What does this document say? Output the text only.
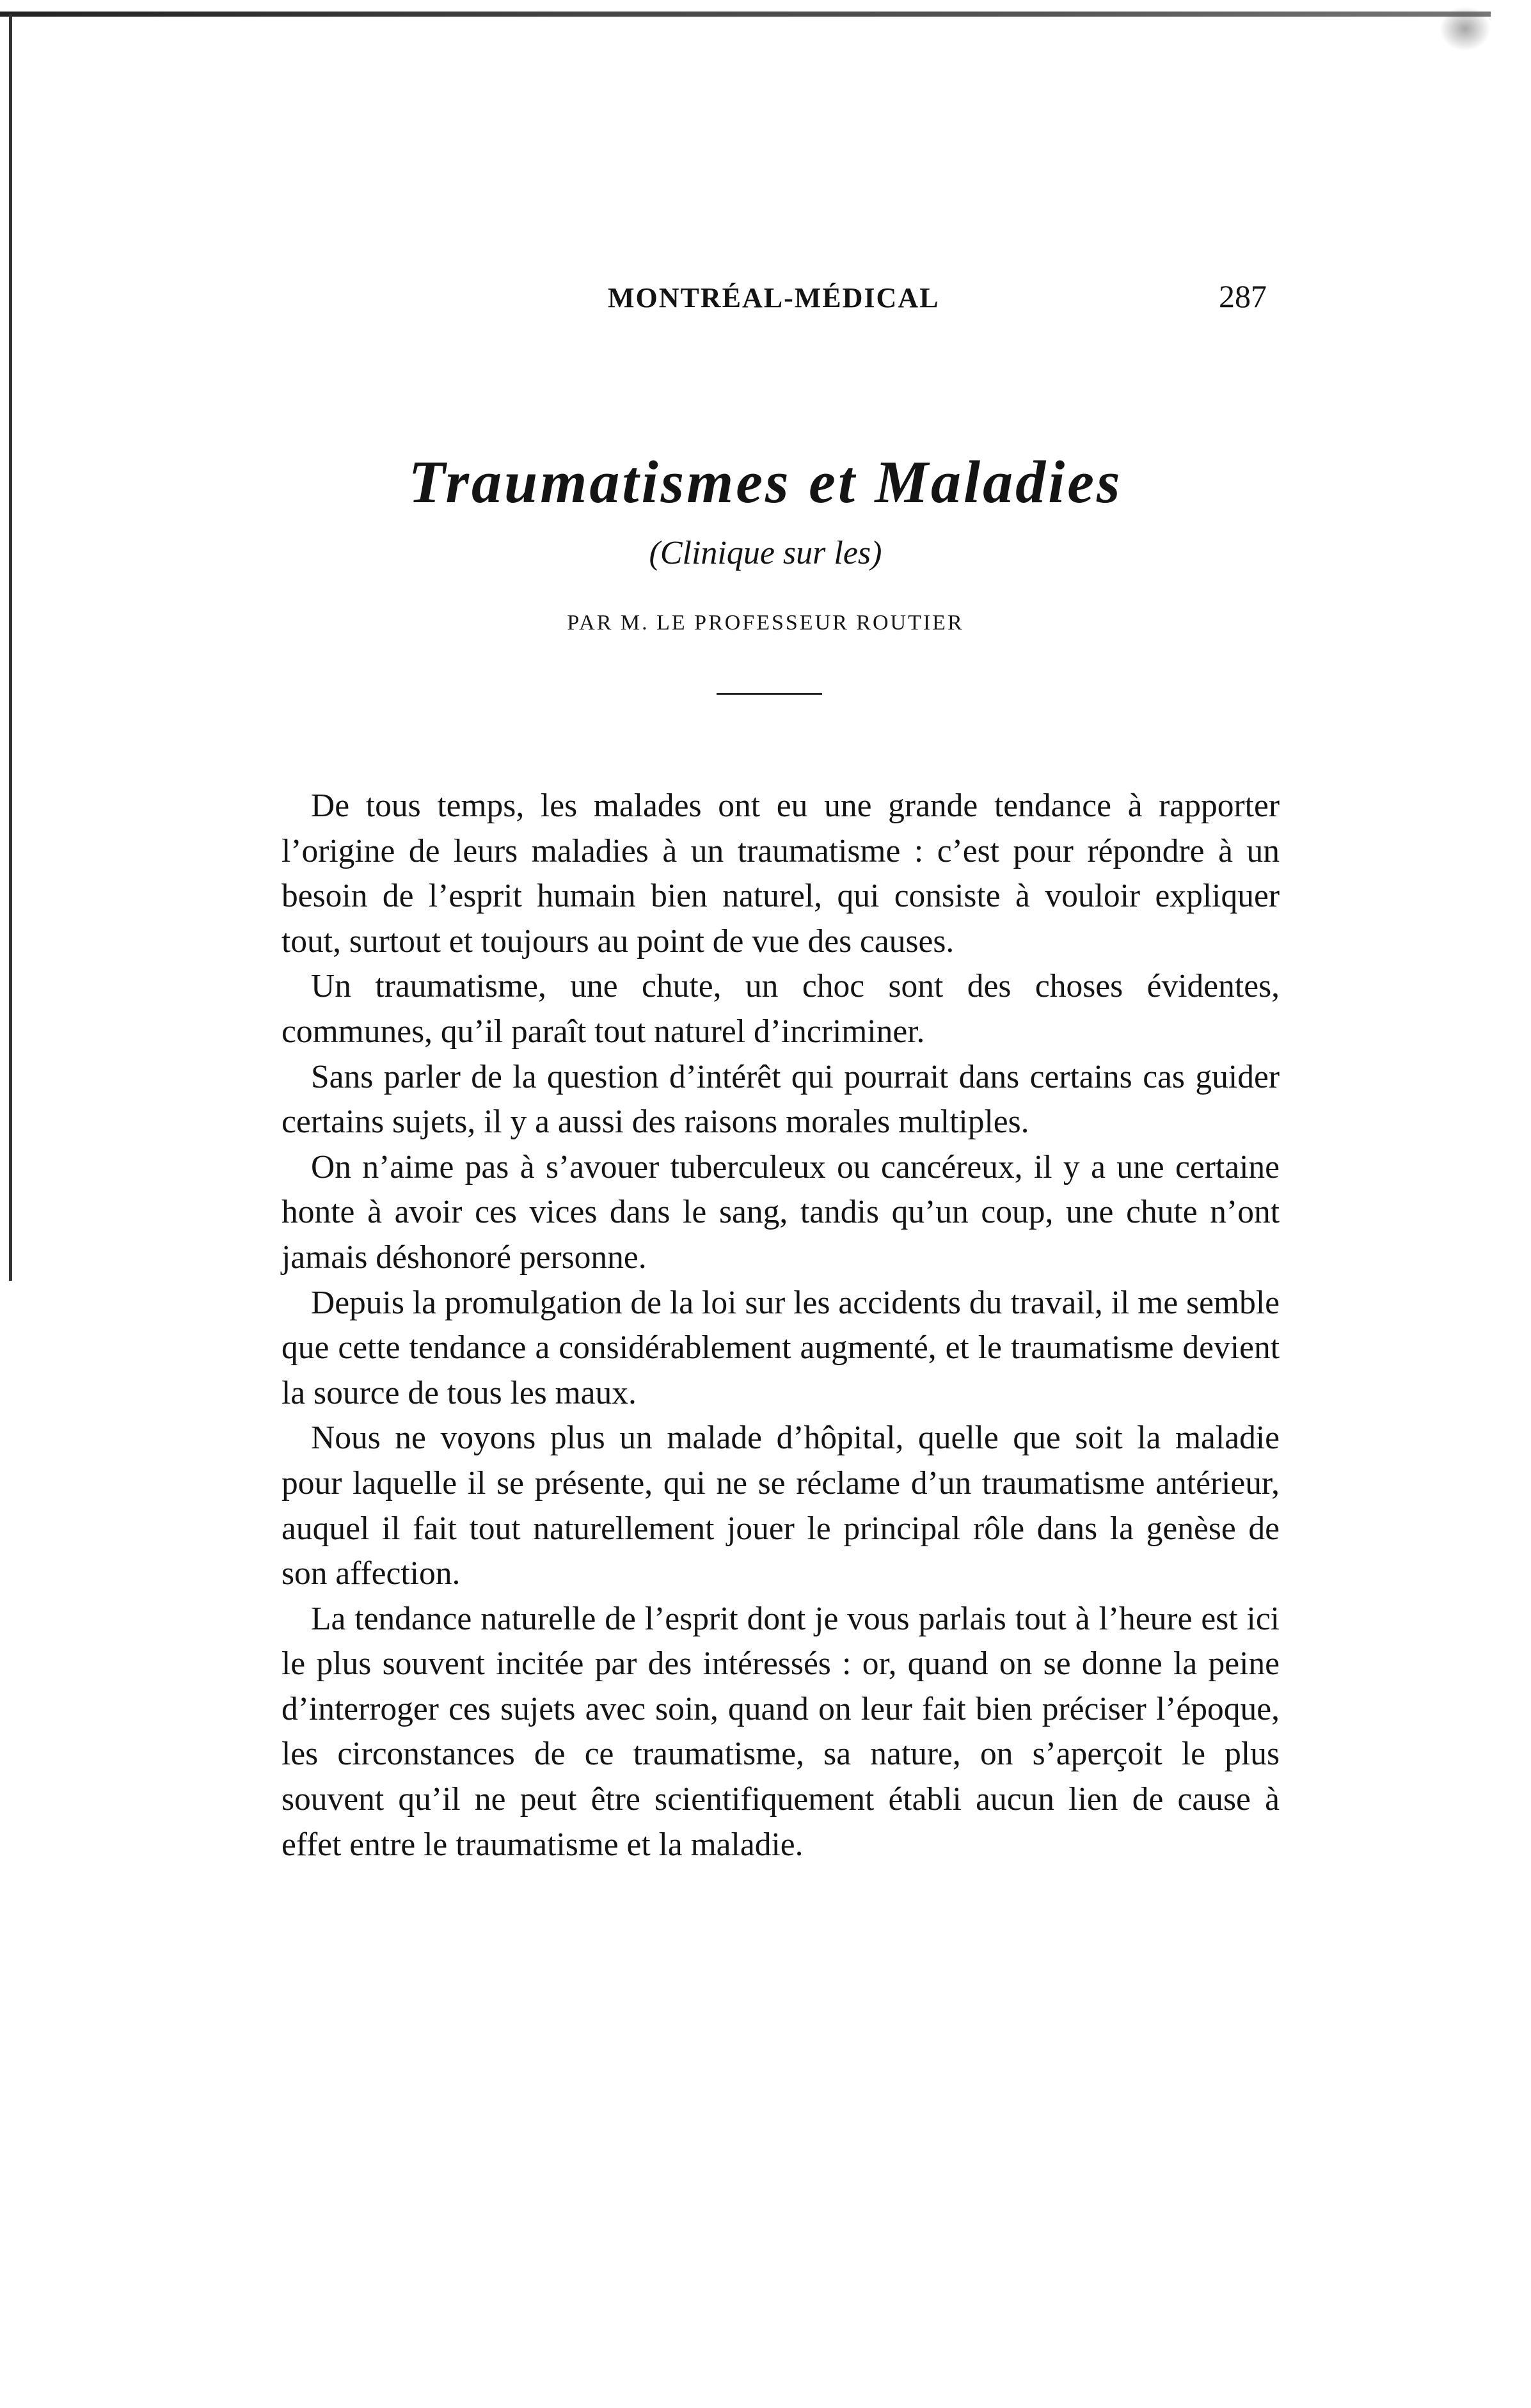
MONTRÉAL-MÉDICAL	287
Traumatismes et Maladies
(Clinique sur les)
PAR M. LE PROFESSEUR ROUTIER

De tous temps, les malades ont eu une grande tendance à rapporter l’origine de leurs maladies à un traumatisme : c’est pour répondre à un besoin de l’esprit humain bien naturel, qui consiste à vouloir expliquer tout, surtout et toujours au point de vue des causes.

Un traumatisme, une chute, un choc sont des choses évidentes, communes, qu’il paraît tout naturel d’incriminer.

Sans parler de la question d’intérêt qui pourrait dans certains cas guider certains sujets, il y a aussi des raisons morales multiples.

On n’aime pas à s’avouer tuberculeux ou cancéreux, il y a une certaine honte à avoir ces vices dans le sang, tandis qu’un coup, une chute n’ont jamais déshonoré personne.

Depuis la promulgation de la loi sur les accidents du travail, il me semble que cette tendance a considérablement augmenté, et le traumatisme devient la source de tous les maux.

Nous ne voyons plus un malade d’hôpital, quelle que soit la maladie pour laquelle il se présente, qui ne se réclame d’un traumatisme antérieur, auquel il fait tout naturellement jouer le principal rôle dans la genèse de son affection.

La tendance naturelle de l’esprit dont je vous parlais tout à l’heure est ici le plus souvent incitée par des intéressés : or, quand on se donne la peine d’interroger ces sujets avec soin, quand on leur fait bien préciser l’époque, les circonstances de ce traumatisme, sa nature, on s’aperçoit le plus souvent qu’il ne peut être scientifiquement établi aucun lien de cause à effet entre le traumatisme et la maladie.
